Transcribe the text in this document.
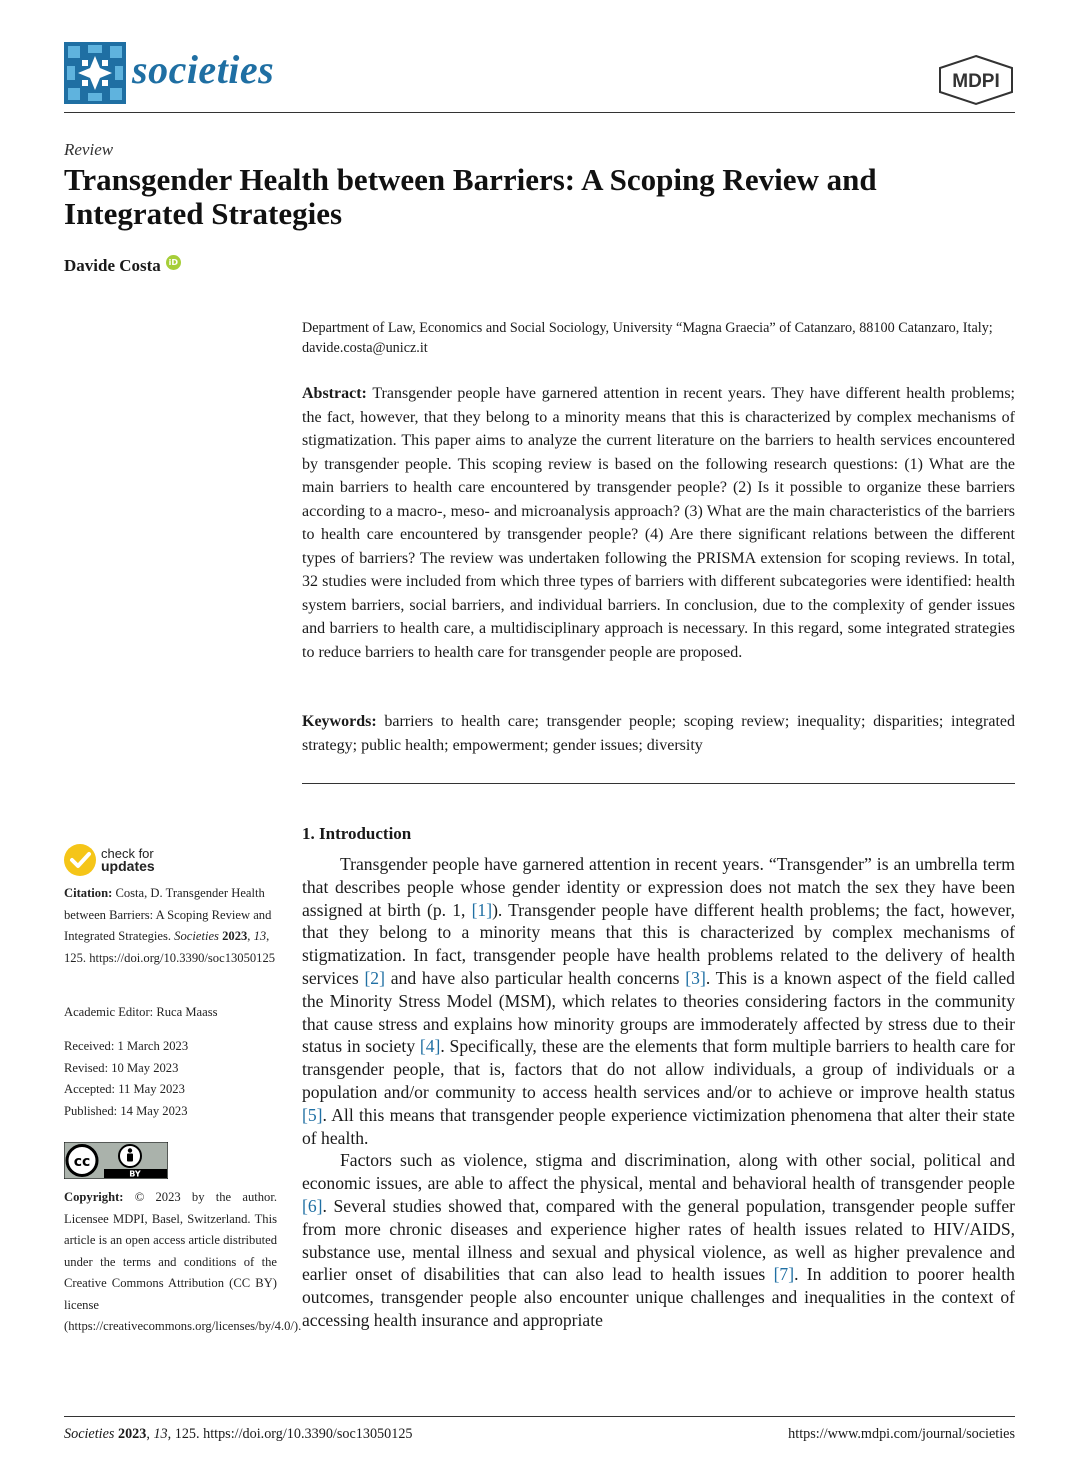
societies	MDPI
Review
Transgender Health between Barriers: A Scoping Review and Integrated Strategies
Davide Costa iD
Department of Law, Economics and Social Sociology, University “Magna Graecia” of Catanzaro, 88100 Catanzaro, Italy; davide.costa@unicz.it
Abstract: Transgender people have garnered attention in recent years. They have different health problems; the fact, however, that they belong to a minority means that this is characterized by complex mechanisms of stigmatization. This paper aims to analyze the current literature on the barriers to health services encountered by transgender people. This scoping review is based on the following research questions: (1) What are the main barriers to health care encountered by transgender people? (2) Is it possible to organize these barriers according to a macro-, meso- and microanalysis approach? (3) What are the main characteristics of the barriers to health care encountered by transgender people? (4) Are there significant relations between the different types of barriers? The review was undertaken following the PRISMA extension for scoping reviews. In total, 32 studies were included from which three types of barriers with different subcategories were identified: health system barriers, social barriers, and individual barriers. In conclusion, due to the complexity of gender issues and barriers to health care, a multidisciplinary approach is necessary. In this regard, some integrated strategies to reduce barriers to health care for transgender people are proposed.
Keywords: barriers to health care; transgender people; scoping review; inequality; disparities; integrated strategy; public health; empowerment; gender issues; diversity
1. Introduction

Transgender people have garnered attention in recent years. “Transgender” is an umbrella term that describes people whose gender identity or expression does not match the sex they have been assigned at birth (p. 1, [1]). Transgender people have different health problems; the fact, however, that they belong to a minority means that this is characterized by complex mechanisms of stigmatization. In fact, transgender people have health problems related to the delivery of health services [2] and have also particular health concerns [3]. This is a known aspect of the field called the Minority Stress Model (MSM), which relates to theories considering factors in the community that cause stress and explains how minority groups are immoderately affected by stress due to their status in society [4]. Specifically, these are the elements that form multiple barriers to health care for transgender people, that is, factors that do not allow individuals, a group of individuals or a population and/or community to access health services and/or to achieve or improve health status [5]. All this means that transgender people experience victimization phenomena that alter their state of health.

Factors such as violence, stigma and discrimination, along with other social, political and economic issues, are able to affect the physical, mental and behavioral health of transgender people [6]. Several studies showed that, compared with the general population, transgender people suffer from more chronic diseases and experience higher rates of health issues related to HIV/AIDS, substance use, mental illness and sexual and physical violence, as well as higher prevalence and earlier onset of disabilities that can also lead to health issues [7]. In addition to poorer health outcomes, transgender people also encounter unique challenges and inequalities in the context of accessing health insurance and appropriate

check for
updates
Citation: Costa, D. Transgender Health between Barriers: A Scoping Review and Integrated Strategies. Societies 2023, 13, 125. https://doi.org/10.3390/soc13050125
Academic Editor: Ruca Maass
Received: 1 March 2023
Revised: 10 May 2023
Accepted: 11 May 2023
Published: 14 May 2023
cc
BY
Copyright: © 2023 by the author. Licensee MDPI, Basel, Switzerland. This article is an open access article distributed under the terms and conditions of the Creative Commons Attribution (CC BY) license (https://creativecommons.org/licenses/by/4.0/).
Societies 2023, 13, 125. https://doi.org/10.3390/soc13050125	https://www.mdpi.com/journal/societies
